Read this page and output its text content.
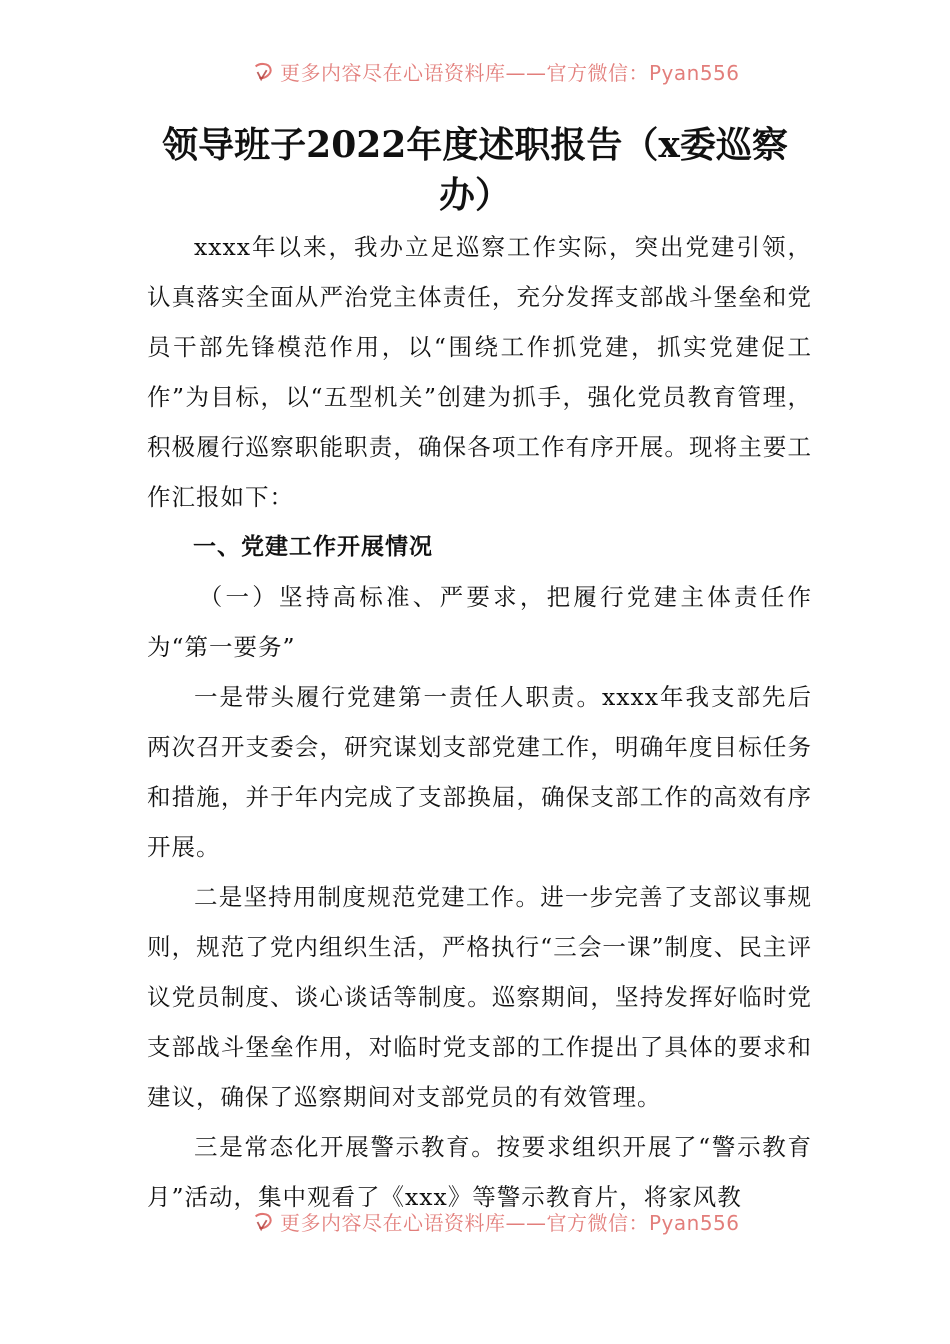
更多内容尽在心语资料库——官方微信：Pyan556
领导班子2022年度述职报告（x委巡察办）

xxxx年以来，我办立足巡察工作实际，突出党建引领，认真落实全面从严治党主体责任，充分发挥支部战斗堡垒和党员干部先锋模范作用，以“围绕工作抓党建，抓实党建促工作”为目标，以“五型机关”创建为抓手，强化党员教育管理，积极履行巡察职能职责，确保各项工作有序开展。现将主要工作汇报如下：

一、党建工作开展情况

（一）坚持高标准、严要求，把履行党建主体责任作为“第一要务”

一是带头履行党建第一责任人职责。xxxx年我支部先后两次召开支委会，研究谋划支部党建工作，明确年度目标任务和措施，并于年内完成了支部换届，确保支部工作的高效有序开展。

二是坚持用制度规范党建工作。进一步完善了支部议事规则，规范了党内组织生活，严格执行“三会一课”制度、民主评议党员制度、谈心谈话等制度。巡察期间，坚持发挥好临时党支部战斗堡垒作用，对临时党支部的工作提出了具体的要求和建议，确保了巡察期间对支部党员的有效管理。

三是常态化开展警示教育。按要求组织开展了“警示教育月”活动，集中观看了《xxx》等警示教育片，将家风教

更多内容尽在心语资料库——官方微信：Pyan556
